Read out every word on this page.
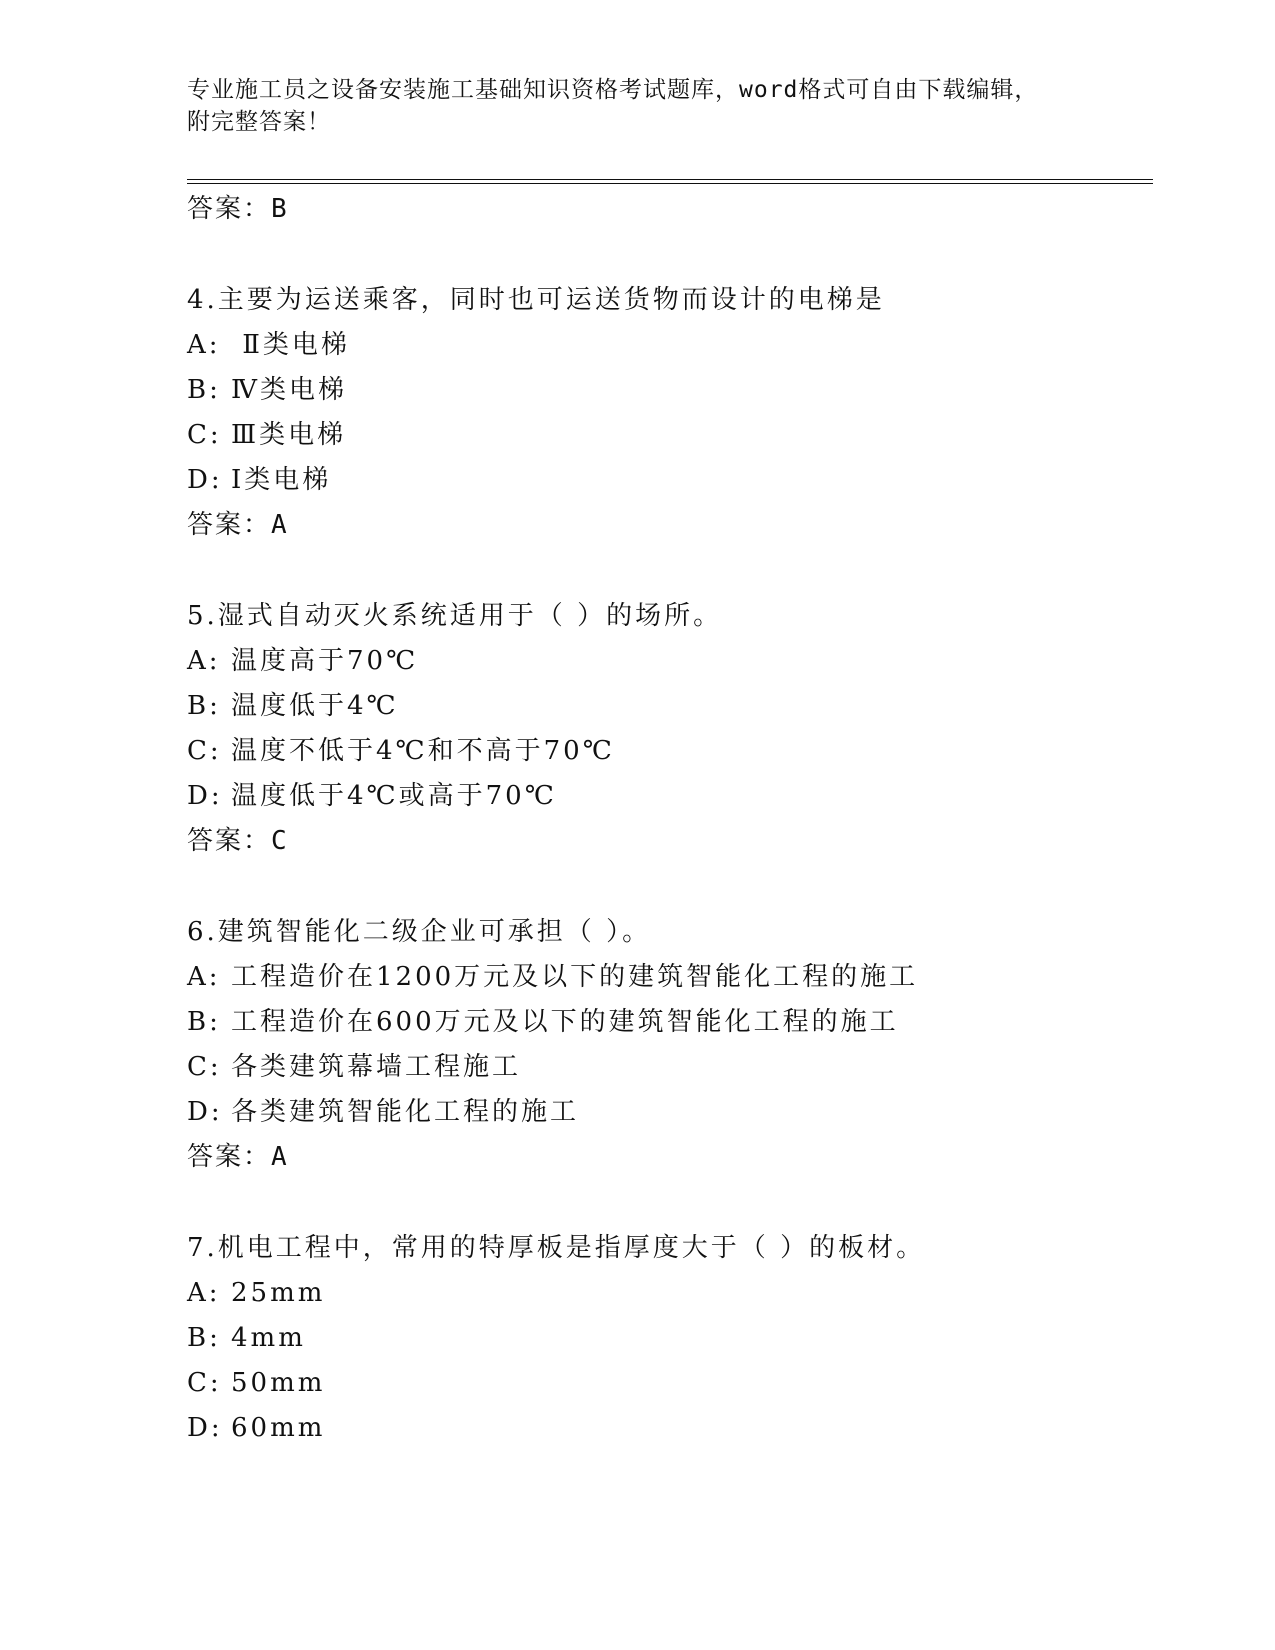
专业施工员之设备安装施工基础知识资格考试题库，word格式可自由下载编辑，
附完整答案！
答案：B
4.主要为运送乘客，同时也可运送货物而设计的电梯是
A: Ⅱ类电梯
B: Ⅳ类电梯
C: Ⅲ类电梯
D: Ⅰ类电梯
答案：A
5.湿式自动灭火系统适用于（ ）的场所。
A: 温度高于70℃
B: 温度低于4℃
C: 温度不低于4℃和不高于70℃
D: 温度低于4℃或高于70℃
答案：C
6.建筑智能化二级企业可承担（ ）。
A: 工程造价在1200万元及以下的建筑智能化工程的施工
B: 工程造价在600万元及以下的建筑智能化工程的施工
C: 各类建筑幕墙工程施工
D: 各类建筑智能化工程的施工
答案：A
7.机电工程中，常用的特厚板是指厚度大于（ ）的板材。
A: 25mm
B: 4mm
C: 50mm
D: 60mm
